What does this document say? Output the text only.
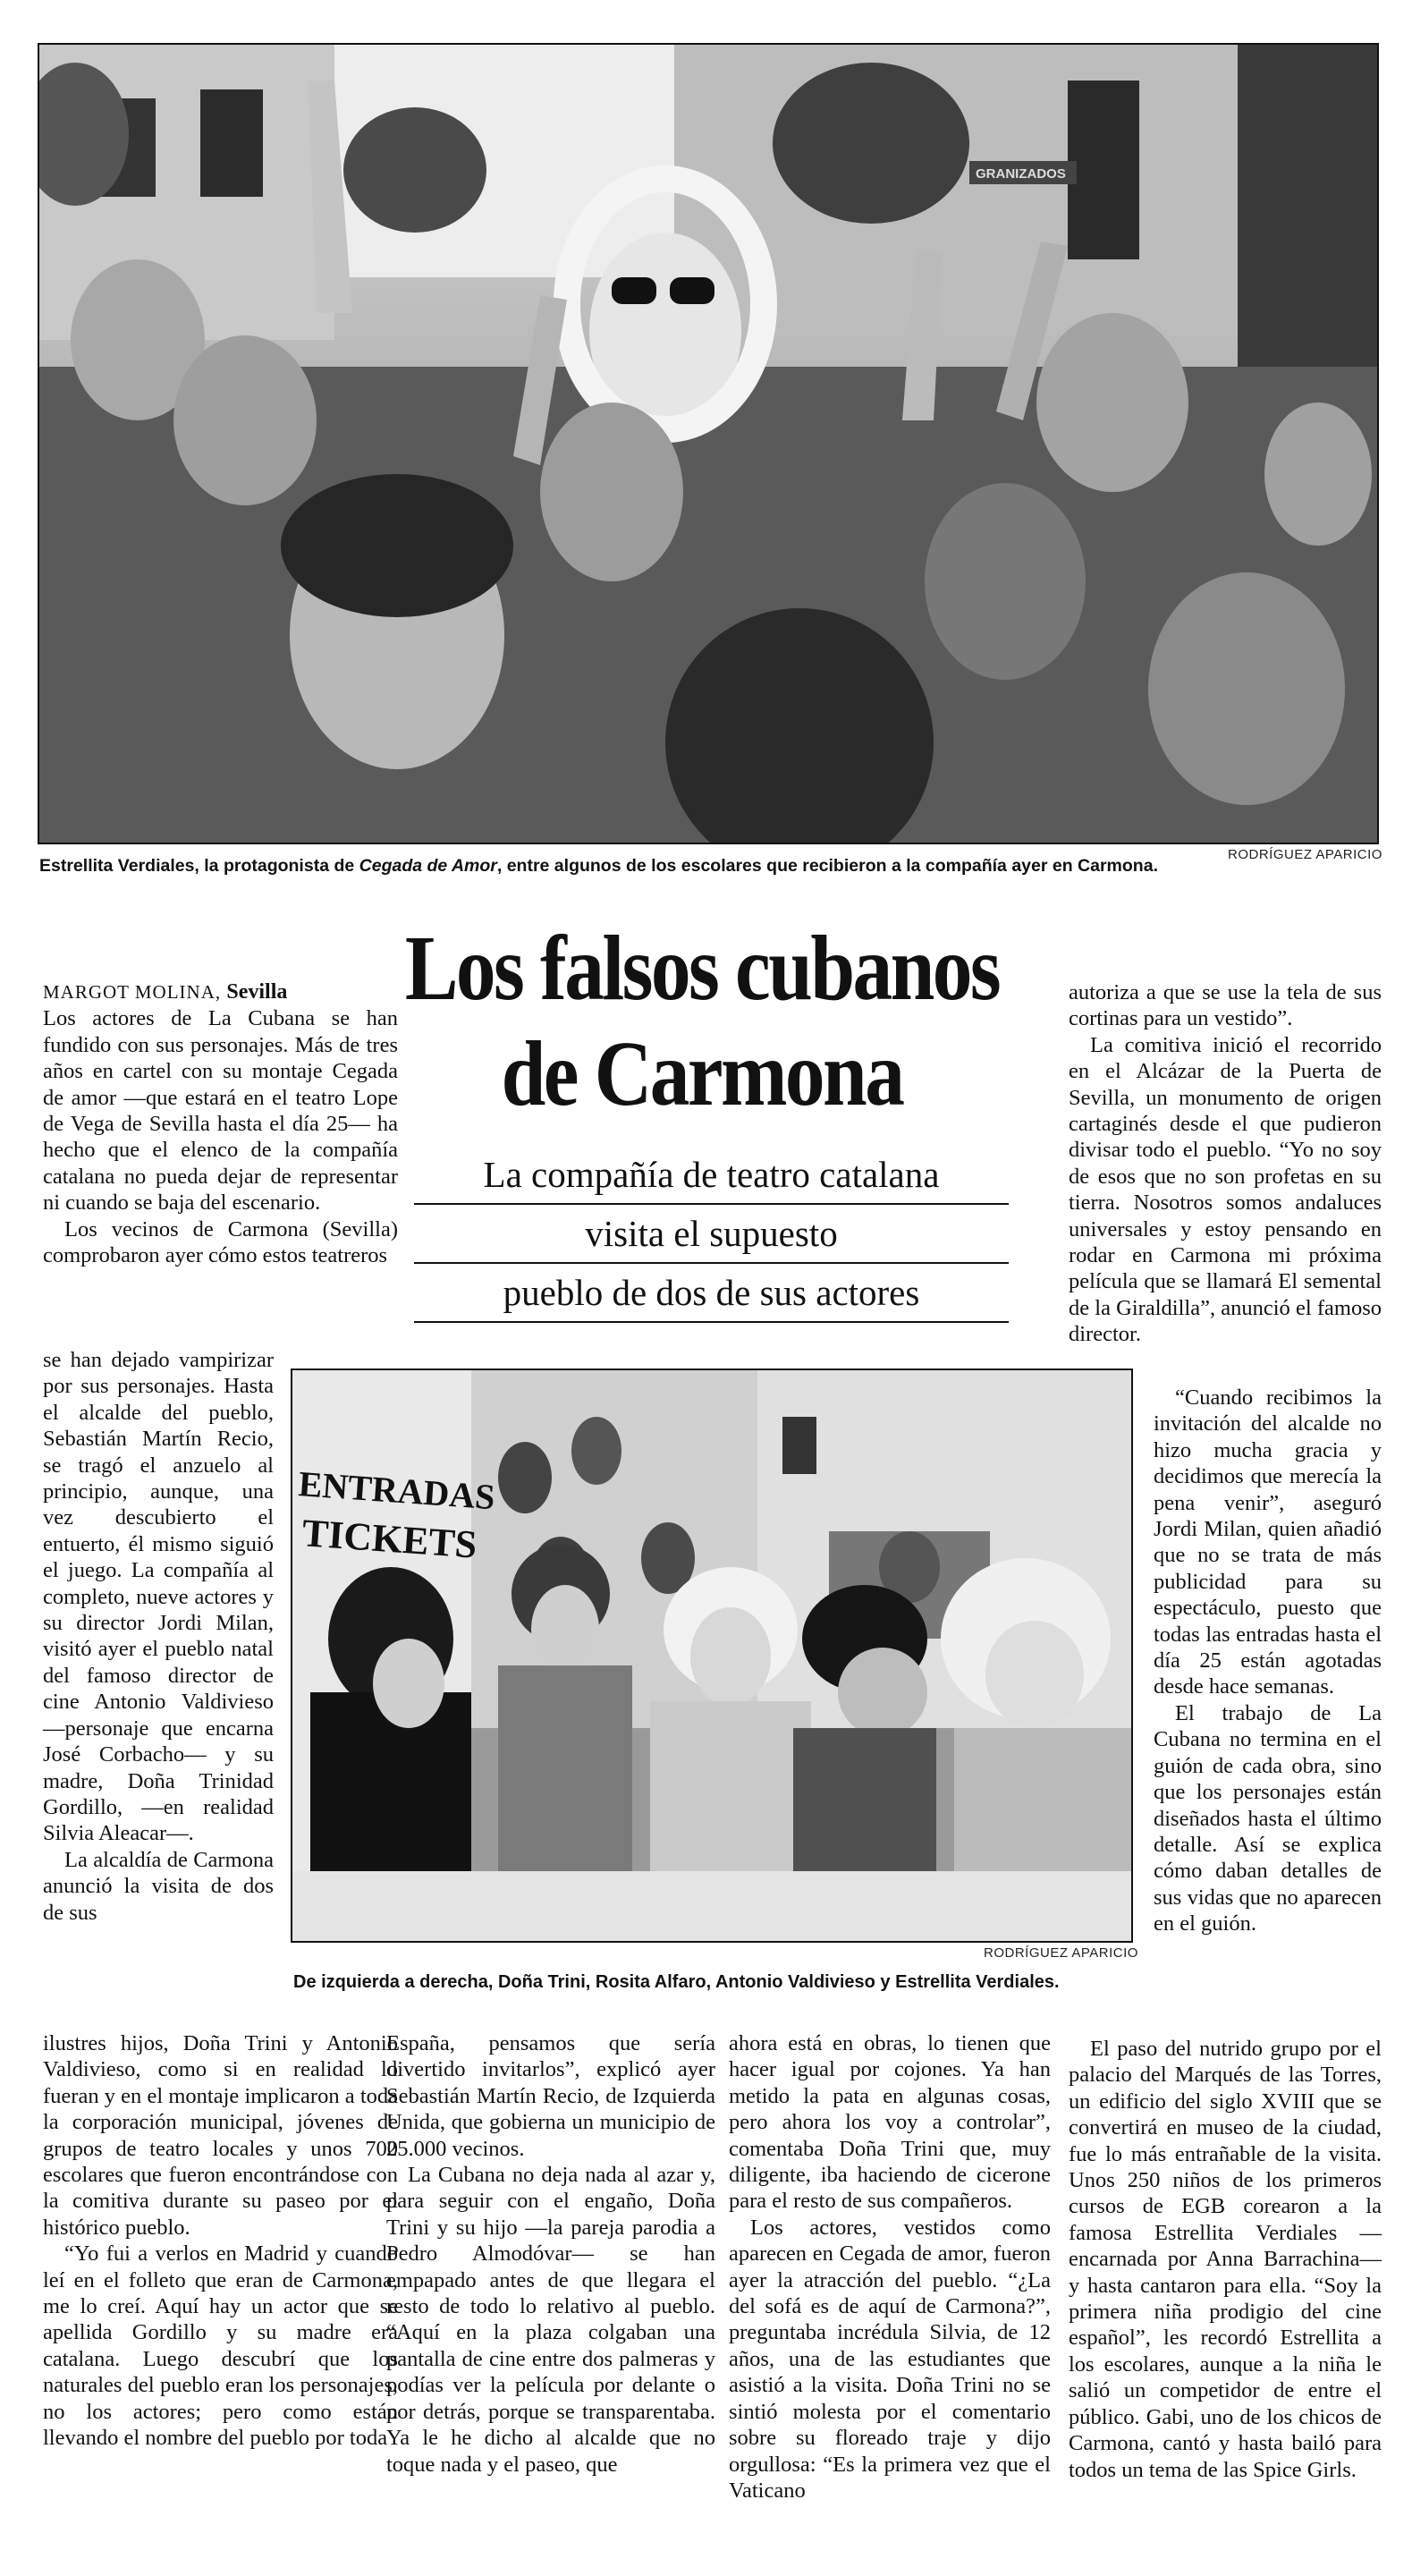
GRANIZADOS
Estrellita Verdiales, la protagonista de Cegada de Amor, entre algunos de los escolares que recibieron a la compañía ayer en Carmona.
RODRÍGUEZ APARICIO
Los falsos cubanos
de Carmona
La compañía de teatro catalana
visita el supuesto
pueblo de dos de sus actores
ENTRADAS
TICKETS
RODRÍGUEZ APARICIO
De izquierda a derecha, Doña Trini, Rosita Alfaro, Antonio Valdivieso y Estrellita Verdiales.

MARGOT MOLINA, Sevilla

Los actores de La Cubana se han fundido con sus personajes. Más de tres años en cartel con su montaje Cegada de amor —que estará en el teatro Lope de Vega de Sevilla hasta el día 25— ha hecho que el elenco de la compañía catalana no pueda dejar de representar ni cuando se baja del escenario.

Los vecinos de Carmona (Sevilla) comprobaron ayer cómo estos teatreros

se han dejado vampirizar por sus personajes. Hasta el alcalde del pueblo, Sebastián Martín Recio, se tragó el anzuelo al principio, aunque, una vez descubierto el entuerto, él mismo siguió el juego. La compañía al completo, nueve actores y su director Jordi Milan, visitó ayer el pueblo natal del famoso director de cine Antonio Valdivieso —personaje que encarna José Corbacho— y su madre, Doña Trinidad Gordillo, —en realidad Silvia Aleacar—.

La alcaldía de Carmona anunció la visita de dos de sus

ilustres hijos, Doña Trini y Antonio Valdivieso, como si en realidad lo fueran y en el montaje implicaron a toda la corporación municipal, jóvenes de grupos de teatro locales y unos 700 escolares que fueron encontrándose con la comitiva durante su paseo por el histórico pueblo.

“Yo fui a verlos en Madrid y cuando leí en el folleto que eran de Carmona, me lo creí. Aquí hay un actor que se apellida Gordillo y su madre era catalana. Luego descubrí que los naturales del pueblo eran los personajes, no los actores; pero como están llevando el nombre del pueblo por toda

España, pensamos que sería divertido invitarlos”, explicó ayer Sebastián Martín Recio, de Izquierda Unida, que gobierna un municipio de 25.000 vecinos.

La Cubana no deja nada al azar y, para seguir con el engaño, Doña Trini y su hijo —la pareja parodia a Pedro Almodóvar— se han empapado antes de que llegara el resto de todo lo relativo al pueblo. “Aquí en la plaza colgaban una pantalla de cine entre dos palmeras y podías ver la película por delante o por detrás, porque se transparentaba. Ya le he dicho al alcalde que no toque nada y el paseo, que

ahora está en obras, lo tienen que hacer igual por cojones. Ya han metido la pata en algunas cosas, pero ahora los voy a controlar”, comentaba Doña Trini que, muy diligente, iba haciendo de cicerone para el resto de sus compañeros.

Los actores, vestidos como aparecen en Cegada de amor, fueron ayer la atracción del pueblo. “¿La del sofá es de aquí de Carmona?”, preguntaba incrédula Silvia, de 12 años, una de las estudiantes que asistió a la visita. Doña Trini no se sintió molesta por el comentario sobre su floreado traje y dijo orgullosa: “Es la primera vez que el Vaticano

autoriza a que se use la tela de sus cortinas para un vestido”.

La comitiva inició el recorrido en el Alcázar de la Puerta de Sevilla, un monumento de origen cartaginés desde el que pudieron divisar todo el pueblo. “Yo no soy de esos que no son profetas en su tierra. Nosotros somos andaluces universales y estoy pensando en rodar en Carmona mi próxima película que se llamará El semental de la Giraldilla”, anunció el famoso director.

“Cuando recibimos la invitación del alcalde no hizo mucha gracia y decidimos que merecía la pena venir”, aseguró Jordi Milan, quien añadió que no se trata de más publicidad para su espectáculo, puesto que todas las entradas hasta el día 25 están agotadas desde hace semanas.

El trabajo de La Cubana no termina en el guión de cada obra, sino que los personajes están diseñados hasta el último detalle. Así se explica cómo daban detalles de sus vidas que no aparecen en el guión.

El paso del nutrido grupo por el palacio del Marqués de las Torres, un edificio del siglo XVIII que se convertirá en museo de la ciudad, fue lo más entrañable de la visita. Unos 250 niños de los primeros cursos de EGB corearon a la famosa Estrellita Verdiales —encarnada por Anna Barrachina— y hasta cantaron para ella. “Soy la primera niña prodigio del cine español”, les recordó Estrellita a los escolares, aunque a la niña le salió un competidor de entre el público. Gabi, uno de los chicos de Carmona, cantó y hasta bailó para todos un tema de las Spice Girls.
